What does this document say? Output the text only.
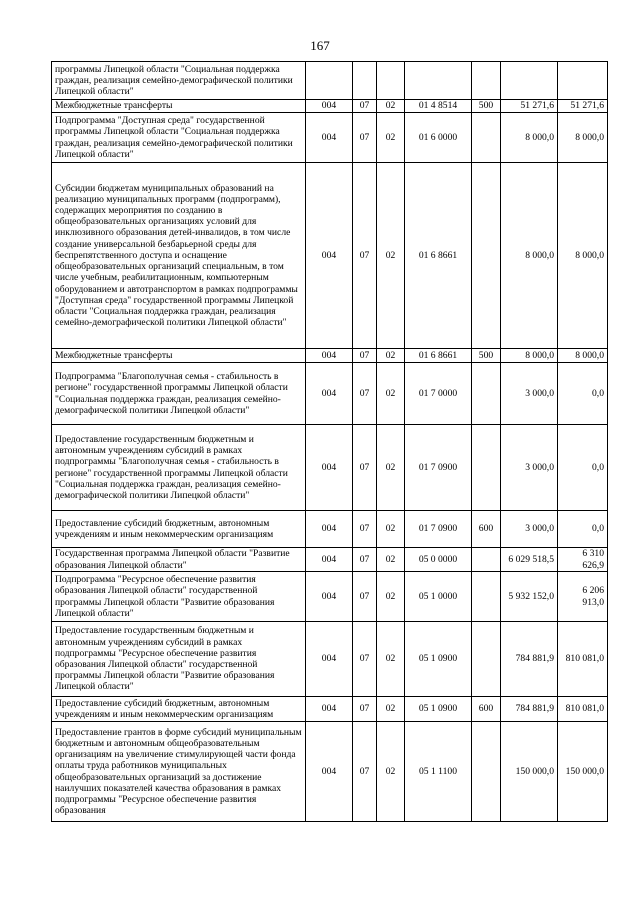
167
программы Липецкой области "Социальная поддержка граждан, реализация семейно-демографической политики Липецкой области"							
Межбюджетные трансферты	004	07	02	01 4 8514	500	51 271,6	51 271,6
Подпрограмма "Доступная среда" государственной программы Липецкой области "Социальная поддержка граждан, реализация семейно-демографической политики Липецкой области"	004	07	02	01 6 0000		8 000,0	8 000,0
Субсидии бюджетам муниципальных образований на реализацию муниципальных программ (подпрограмм), содержащих мероприятия по созданию в общеобразовательных организациях условий для инклюзивного образования детей-инвалидов, в том числе создание универсальной безбарьерной среды для беспрепятственного доступа и оснащение общеобразовательных организаций специальным, в том числе учебным, реабилитационным, компьютерным оборудованием и автотранспортом в рамках подпрограммы "Доступная среда" государственной программы Липецкой области "Социальная поддержка граждан, реализация семейно-демографической политики Липецкой области"	004	07	02	01 6 8661		8 000,0	8 000,0
Межбюджетные трансферты	004	07	02	01 6 8661	500	8 000,0	8 000,0
Подпрограмма "Благополучная семья - стабильность в регионе" государственной программы Липецкой области "Социальная поддержка граждан, реализация семейно-демографической политики Липецкой области"	004	07	02	01 7 0000		3 000,0	0,0
Предоставление государственным бюджетным и автономным учреждениям субсидий в рамках подпрограммы "Благополучная семья - стабильность в регионе" государственной программы Липецкой области "Социальная поддержка граждан, реализация семейно-демографической политики Липецкой области"	004	07	02	01 7 0900		3 000,0	0,0
Предоставление субсидий бюджетным, автономным учреждениям и иным некоммерческим организациям	004	07	02	01 7 0900	600	3 000,0	0,0
Государственная программа Липецкой области "Развитие образования Липецкой области"	004	07	02	05 0 0000		6 029 518,5	6 310 626,9
Подпрограмма "Ресурсное обеспечение развития образования Липецкой области" государственной программы Липецкой области "Развитие образования Липецкой области"	004	07	02	05 1 0000		5 932 152,0	6 206 913,0
Предоставление государственным бюджетным и автономным учреждениям субсидий в рамках подпрограммы "Ресурсное обеспечение развития образования Липецкой области" государственной программы Липецкой области "Развитие образования Липецкой области"	004	07	02	05 1 0900		784 881,9	810 081,0
Предоставление субсидий бюджетным, автономным учреждениям и иным некоммерческим организациям	004	07	02	05 1 0900	600	784 881,9	810 081,0
Предоставление грантов в форме субсидий муниципальным бюджетным и автономным общеобразовательным организациям на увеличение стимулирующей части фонда оплаты труда работников муниципальных общеобразовательных организаций за достижение наилучших показателей качества образования в рамках подпрограммы "Ресурсное обеспечение развития образования	004	07	02	05 1 1100		150 000,0	150 000,0
